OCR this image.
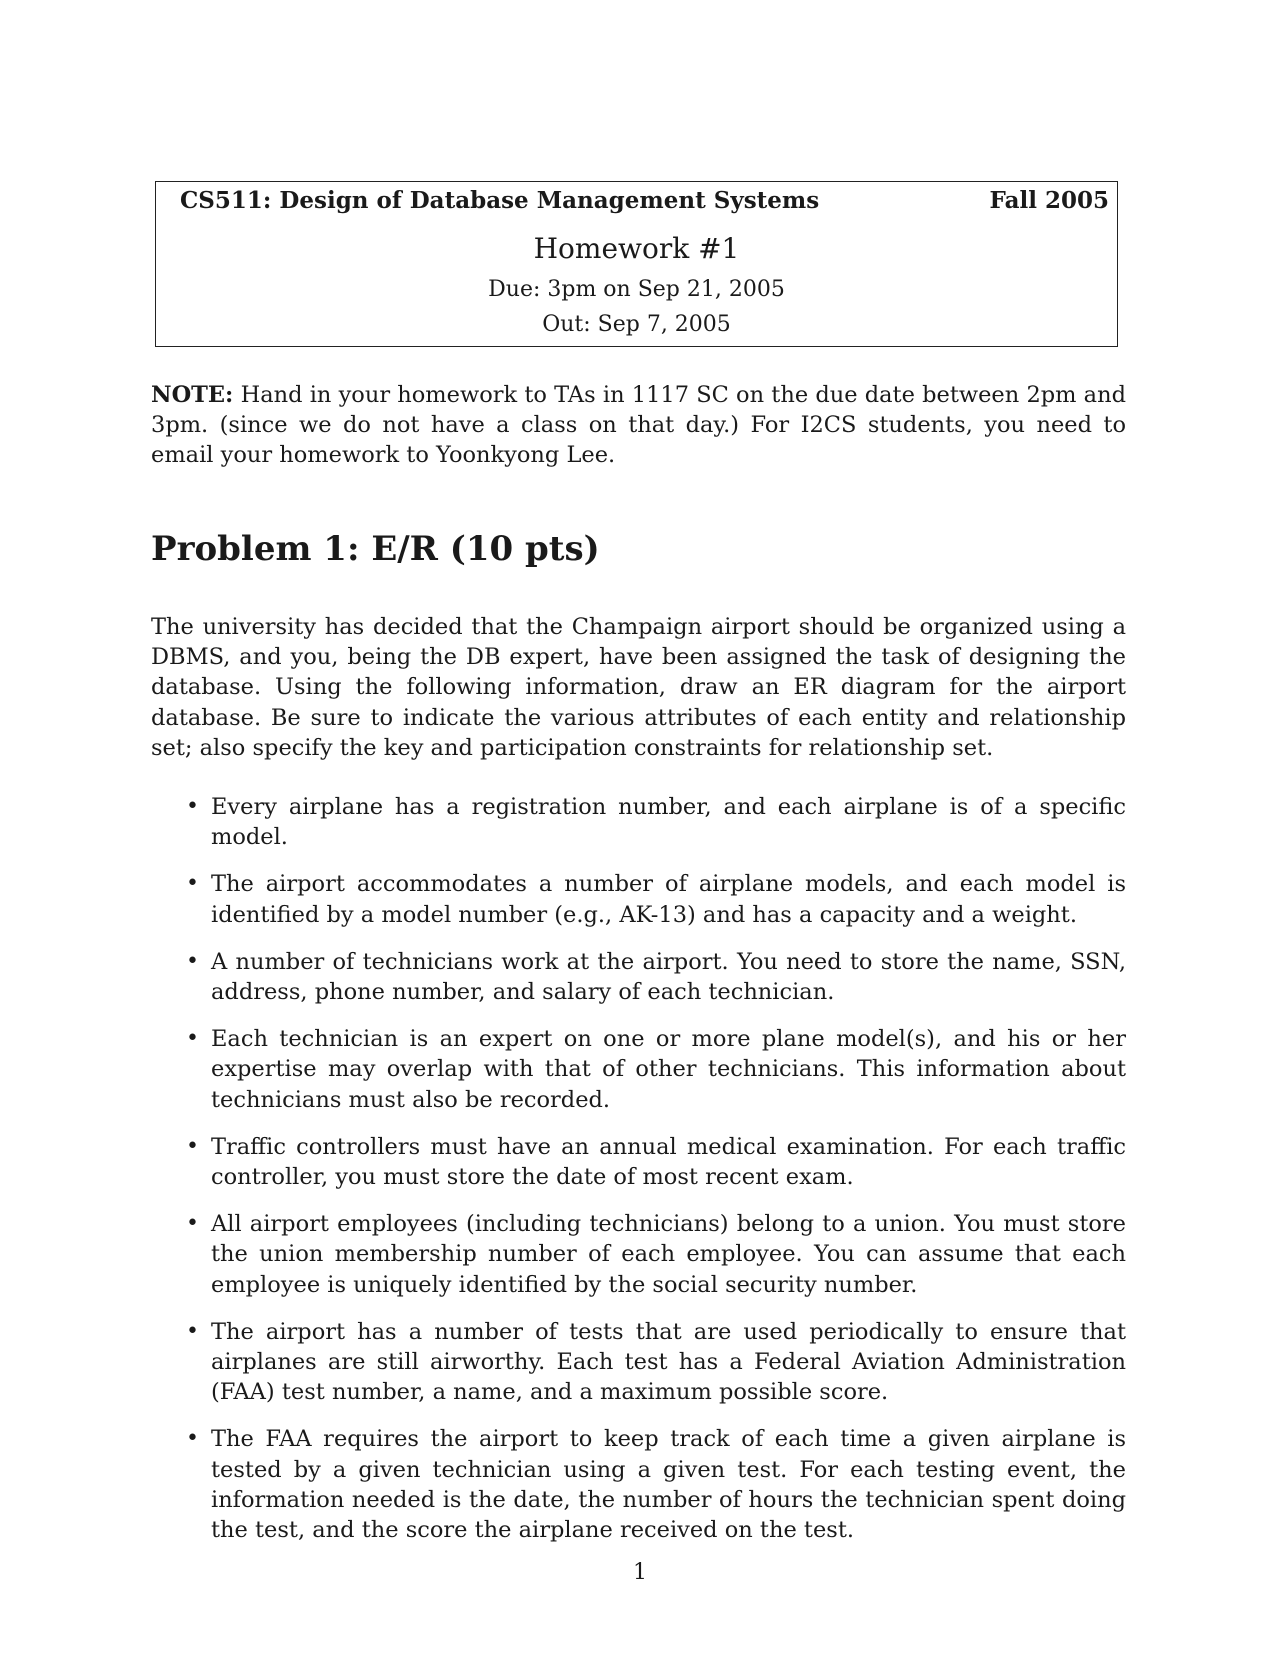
CS511: Design of Database Management Systems	Fall 2005
Homework #1
Due: 3pm on Sep 21, 2005
Out: Sep 7, 2005
NOTE: Hand in your homework to TAs in 1117 SC on the due date between 2pm and 3pm. (since we do not have a class on that day.) For I2CS students, you need to email your homework to Yoonkyong Lee.
Problem 1: E/R (10 pts)
The university has decided that the Champaign airport should be organized using a DBMS, and you, being the DB expert, have been assigned the task of designing the database. Using the following information, draw an ER diagram for the airport database. Be sure to indicate the various attributes of each entity and relationship set; also specify the key and participation constraints for relationship set.
• Every airplane has a registration number, and each airplane is of a specific model.
• The airport accommodates a number of airplane models, and each model is identified by a model number (e.g., AK-13) and has a capacity and a weight.
• A number of technicians work at the airport. You need to store the name, SSN, address, phone number, and salary of each technician.
• Each technician is an expert on one or more plane model(s), and his or her expertise may overlap with that of other technicians. This information about technicians must also be recorded.
• Traffic controllers must have an annual medical examination. For each traffic controller, you must store the date of most recent exam.
• All airport employees (including technicians) belong to a union. You must store the union membership number of each employee. You can assume that each employee is uniquely identified by the social security number.
• The airport has a number of tests that are used periodically to ensure that airplanes are still airworthy. Each test has a Federal Aviation Administration (FAA) test number, a name, and a maximum possible score.
• The FAA requires the airport to keep track of each time a given airplane is tested by a given technician using a given test. For each testing event, the information needed is the date, the number of hours the technician spent doing the test, and the score the airplane received on the test.
1
